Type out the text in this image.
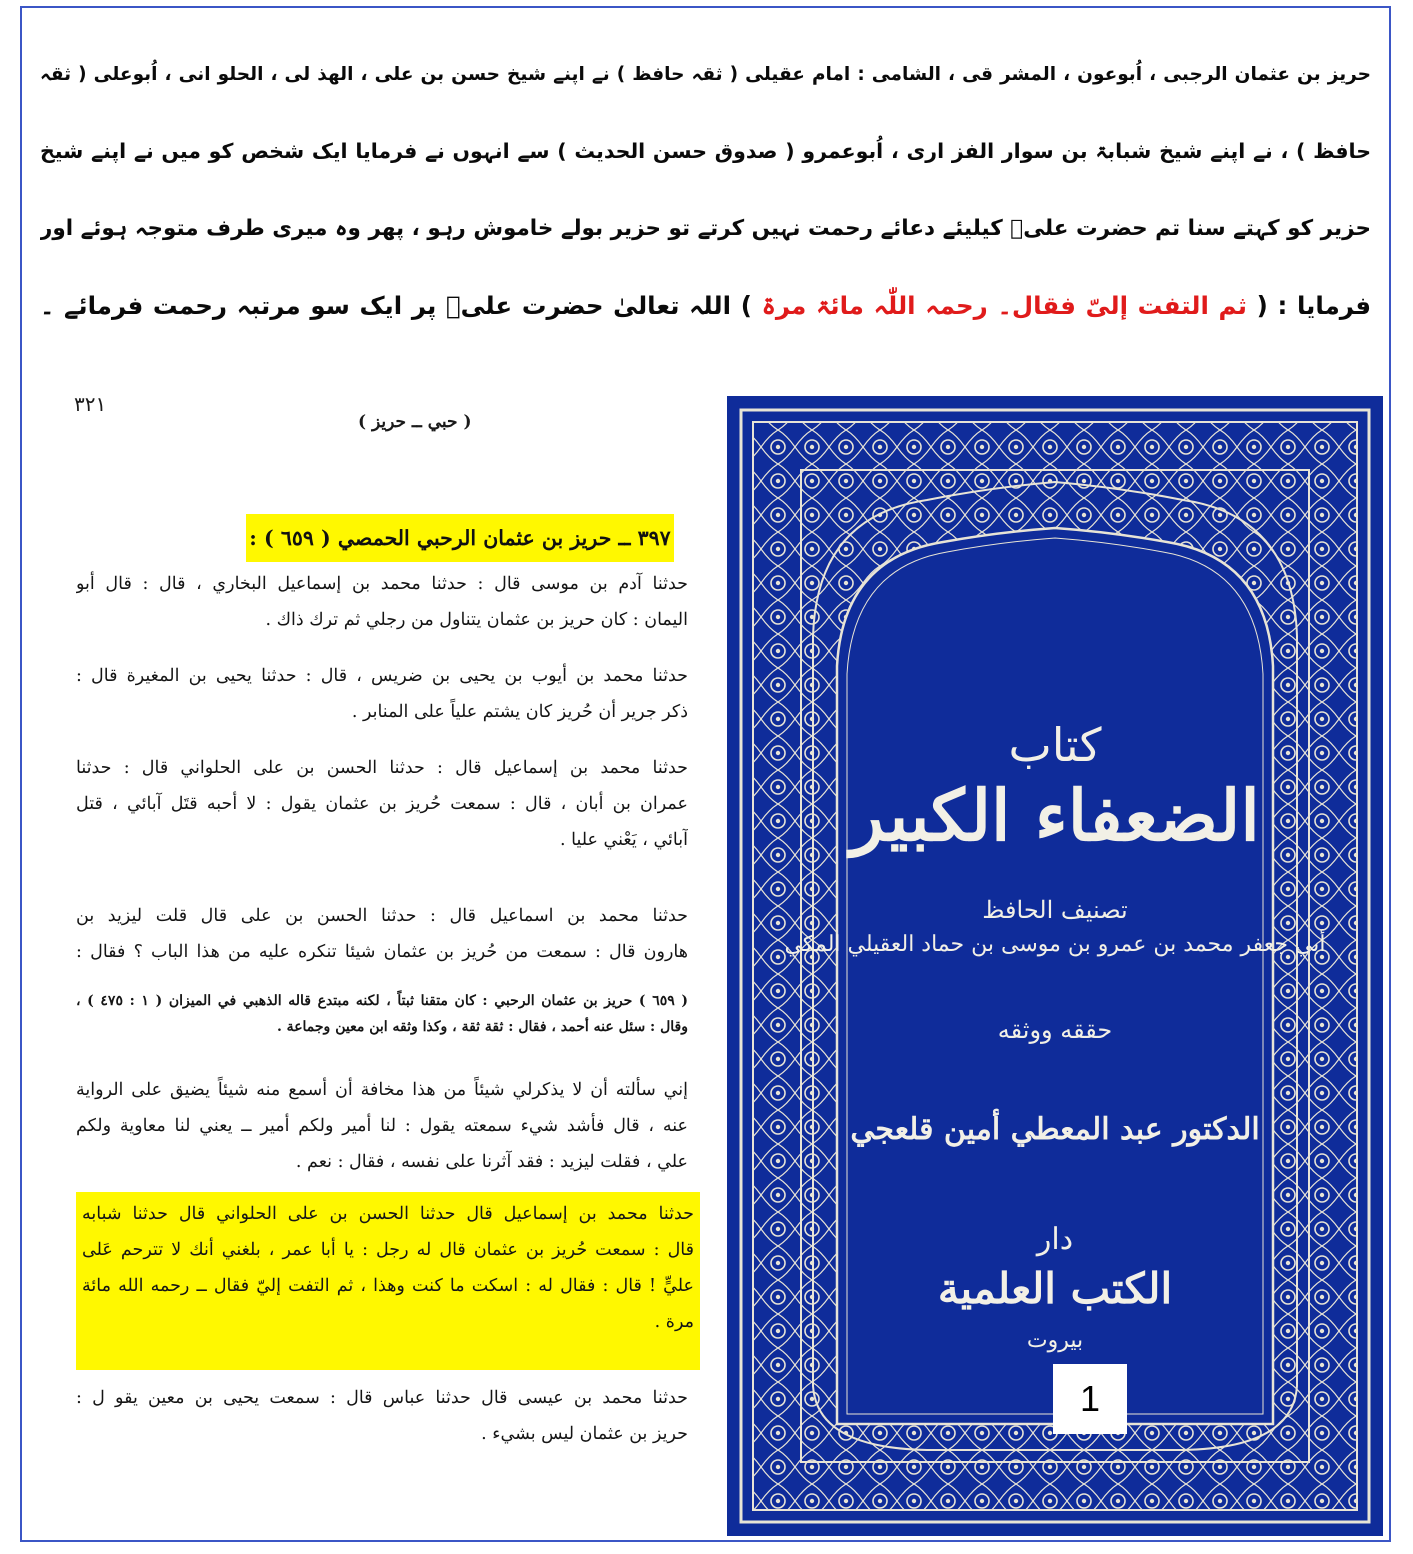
حریز بن عثمان الرجبی ، اُبوعون ، المشر قی ، الشامی : امام عقیلی ( ثقہ حافظ ) نے اپنے شیخ حسن بن علی ، الھذ لی ، الحلو انی ، اُبوعلی ( ثقہ
حافظ ) ، نے اپنے شیخ شبابۃ بن سوار الفز اری ، اُبوعمرو ( صدوق حسن الحدیث ) سے انہوں نے فرمایا ایک شخص کو میں نے اپنے شیخ
حزیر کو کہتے سنا تم حضرت علیؓ کیلیئے دعائے رحمت نہیں کرتے تو حزیر بولے خاموش رہو ، پھر وہ میری طرف متوجہ ہوئے اور
فرمایا : ( ثم التفت إلیّ فقال۔ رحمہ اللّٰہ مائۃ مرۃ ) اللہ تعالیٰ حضرت علیؓ پر ایک سو مرتبہ رحمت فرمائے ۔
٣٢١
( حبي ــ حريز )
٣٩٧ ــ حريز بن عثمان الرحبي الحمصي ( ٦٥٩ ) :
حدثنا آدم بن موسى قال : حدثنا محمد بن إسماعيل البخاري ، قال : قال أبو
اليمان : كان حريز بن عثمان يتناول من رجلي ثم ترك ذاك .
حدثنا محمد بن أيوب بن يحيى بن ضريس ، قال : حدثنا يحيى بن المغيرة قال :
ذكر جرير أن حُريز كان يشتم علياً على المنابر .
حدثنا محمد بن إسماعيل قال : حدثنا الحسن بن على الحلواني قال : حدثنا
عمران بن أبان ، قال : سمعت حُريز بن عثمان يقول : لا أحبه قتَل آبائي ، قتل
آبائي ، يَعْني عليا .
حدثنا محمد بن اسماعيل قال : حدثنا الحسن بن على قال قلت ليزيد بن
هارون قال : سمعت من حُريز بن عثمان شيئا تنكره عليه من هذا الباب ؟ فقال :
( ٦٥٩ ) حريز بن عثمان الرحبي : كان متقنا ثبتاً ، لكنه مبتدع قاله الذهبي في الميزان ( ١ : ٤٧٥ ) ،
وقال : سئل عنه أحمد ، فقال : ثقة ثقة ، وكذا وثقه ابن معين وجماعة .
إني سألته أن لا يذكرلي شيئاً من هذا مخافة أن أسمع منه شيئاً يضيق على الرواية
عنه ، قال فأشد شيء سمعته يقول : لنا أمير ولكم أمير ــ يعني لنا معاوية ولكم
علي ، فقلت ليزيد : فقد آثرنا على نفسه ، فقال : نعم .
حدثنا محمد بن إسماعيل قال حدثنا الحسن بن على الحلواني قال حدثنا شبابه
قال : سمعت حُريز بن عثمان قال له رجل : يا أبا عمر ، بلغني أنك لا تترحم عَلى
عليٍّ ! قال : فقال له : اسكت ما كنت وهذا ، ثم التفت إليّ فقال ــ رحمه الله مائة
مرة .
حدثنا محمد بن عيسى قال حدثنا عباس قال : سمعت يحيى بن معين يقو ل :
حريز بن عثمان ليس بشيء .
كتاب
الضعفاء الكبير
تصنيف الحافظ
أبي جعفر محمد بن عمرو بن موسى بن حماد العقيلي المكي
حققه ووثقه
الدكتور عبد المعطي أمين قلعجي
دار
الكتب العلمية
بيروت
1
